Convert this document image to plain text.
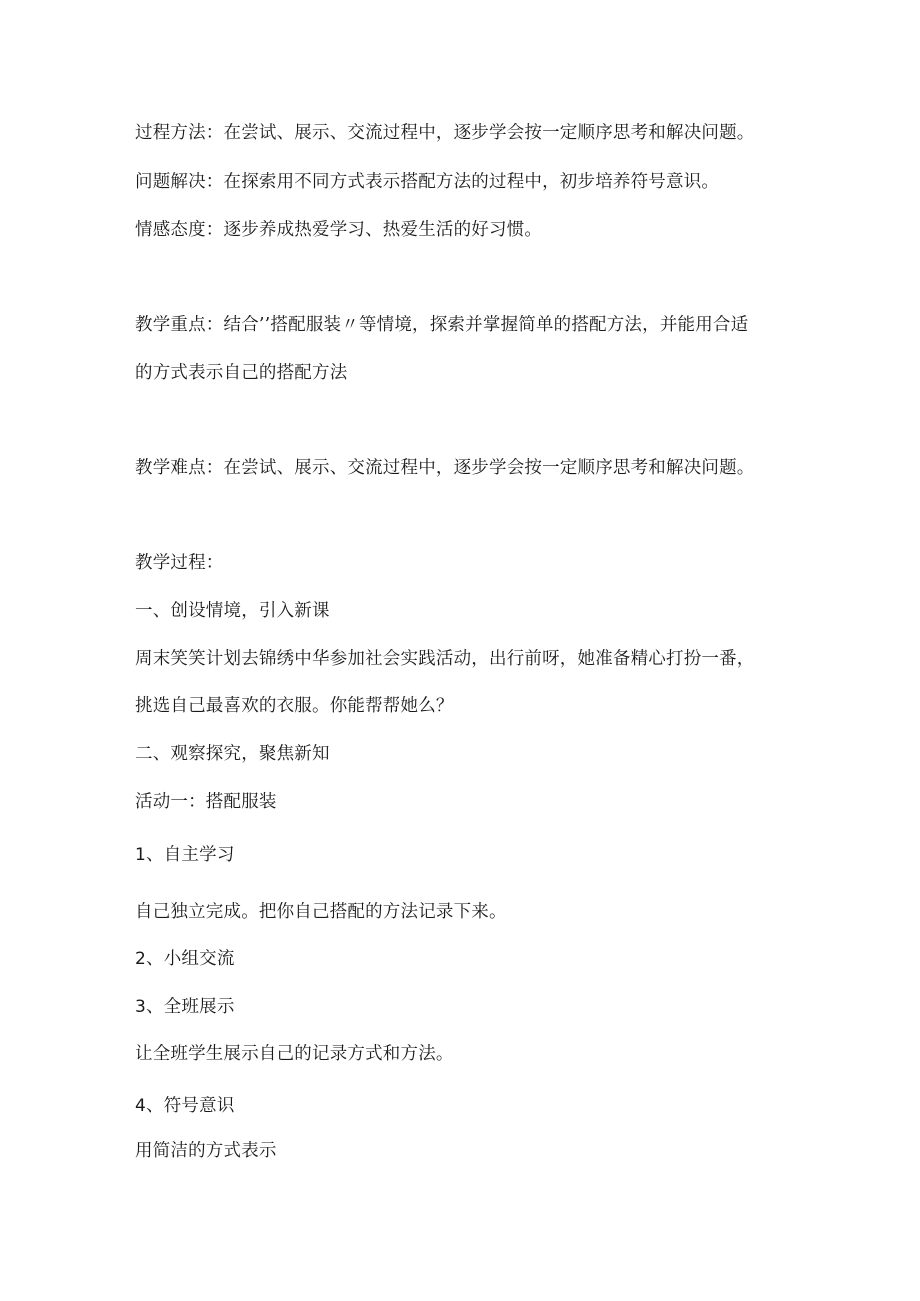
过程方法：在尝试、展示、交流过程中，逐步学会按一定顺序思考和解决问题。
问题解决：在探索用不同方式表示搭配方法的过程中，初步培养符号意识。
情感态度：逐步养成热爱学习、热爱生活的好习惯。
教学重点：结合’’搭配服装〃等情境，探索并掌握简单的搭配方法，并能用合适
的方式表示自己的搭配方法
教学难点：在尝试、展示、交流过程中，逐步学会按一定顺序思考和解决问题。
教学过程：
一、创设情境，引入新课
周末笑笑计划去锦绣中华参加社会实践活动，出行前呀，她准备精心打扮一番，
挑选自己最喜欢的衣服。你能帮帮她么？
二、观察探究，聚焦新知
活动一：搭配服装
1、自主学习
自己独立完成。把你自己搭配的方法记录下来。
2、小组交流
3、全班展示
让全班学生展示自己的记录方式和方法。
4、符号意识
用简洁的方式表示
